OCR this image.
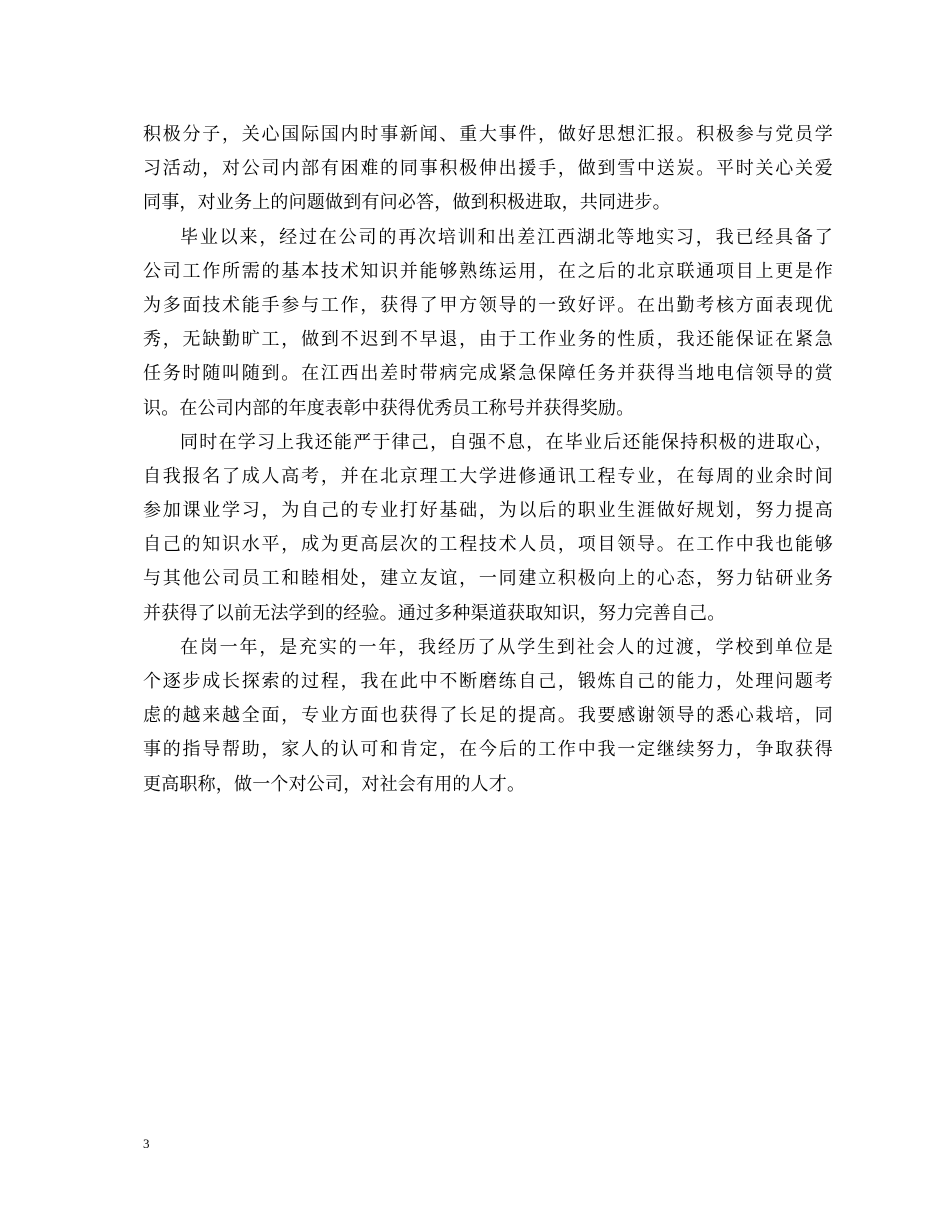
积极分子，关心国际国内时事新闻、重大事件，做好思想汇报。积极参与党员学
习活动，对公司内部有困难的同事积极伸出援手，做到雪中送炭。平时关心关爱
同事，对业务上的问题做到有问必答，做到积极进取，共同进步。
毕业以来，经过在公司的再次培训和出差江西湖北等地实习，我已经具备了
公司工作所需的基本技术知识并能够熟练运用，在之后的北京联通项目上更是作
为多面技术能手参与工作，获得了甲方领导的一致好评。在出勤考核方面表现优
秀，无缺勤旷工，做到不迟到不早退，由于工作业务的性质，我还能保证在紧急
任务时随叫随到。在江西出差时带病完成紧急保障任务并获得当地电信领导的赏
识。在公司内部的年度表彰中获得优秀员工称号并获得奖励。
同时在学习上我还能严于律己，自强不息，在毕业后还能保持积极的进取心，
自我报名了成人高考，并在北京理工大学进修通讯工程专业，在每周的业余时间
参加课业学习，为自己的专业打好基础，为以后的职业生涯做好规划，努力提高
自己的知识水平，成为更高层次的工程技术人员，项目领导。在工作中我也能够
与其他公司员工和睦相处，建立友谊，一同建立积极向上的心态，努力钻研业务
并获得了以前无法学到的经验。通过多种渠道获取知识，努力完善自己。
在岗一年，是充实的一年，我经历了从学生到社会人的过渡，学校到单位是
个逐步成长探索的过程，我在此中不断磨练自己，锻炼自己的能力，处理问题考
虑的越来越全面，专业方面也获得了长足的提高。我要感谢领导的悉心栽培，同
事的指导帮助，家人的认可和肯定，在今后的工作中我一定继续努力，争取获得
更高职称，做一个对公司，对社会有用的人才。
3
